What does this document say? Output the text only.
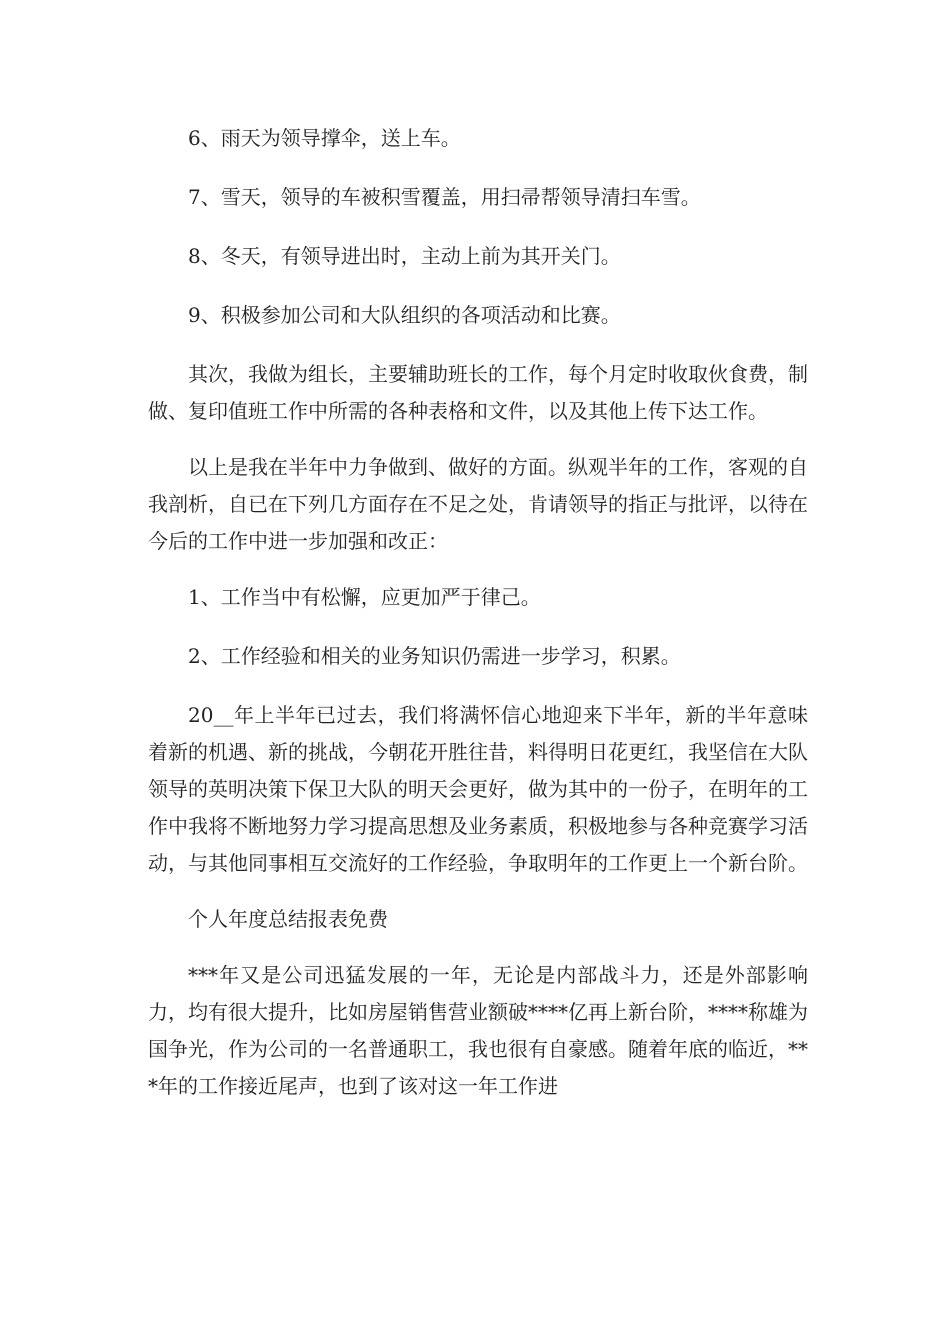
6、雨天为领导撑伞，送上车。

7、雪天，领导的车被积雪覆盖，用扫帚帮领导清扫车雪。

8、冬天，有领导进出时，主动上前为其开关门。

9、积极参加公司和大队组织的各项活动和比赛。

其次，我做为组长，主要辅助班长的工作，每个月定时收取伙食费，制做、复印值班工作中所需的各种表格和文件，以及其他上传下达工作。

以上是我在半年中力争做到、做好的方面。纵观半年的工作，客观的自我剖析，自已在下列几方面存在不足之处，肯请领导的指正与批评，以待在今后的工作中进一步加强和改正：

1、工作当中有松懈，应更加严于律己。

2、工作经验和相关的业务知识仍需进一步学习，积累。

20__年上半年已过去，我们将满怀信心地迎来下半年，新的半年意味着新的机遇、新的挑战，今朝花开胜往昔，料得明日花更红，我坚信在大队领导的英明决策下保卫大队的明天会更好，做为其中的一份子，在明年的工作中我将不断地努力学习提高思想及业务素质，积极地参与各种竞赛学习活动，与其他同事相互交流好的工作经验，争取明年的工作更上一个新台阶。

个人年度总结报表免费

***年又是公司迅猛发展的一年，无论是内部战斗力，还是外部影响力，均有很大提升，比如房屋销售营业额破****亿再上新台阶，****称雄为国争光，作为公司的一名普通职工，我也很有自豪感。随着年底的临近，***年的工作接近尾声，也到了该对这一年工作进
